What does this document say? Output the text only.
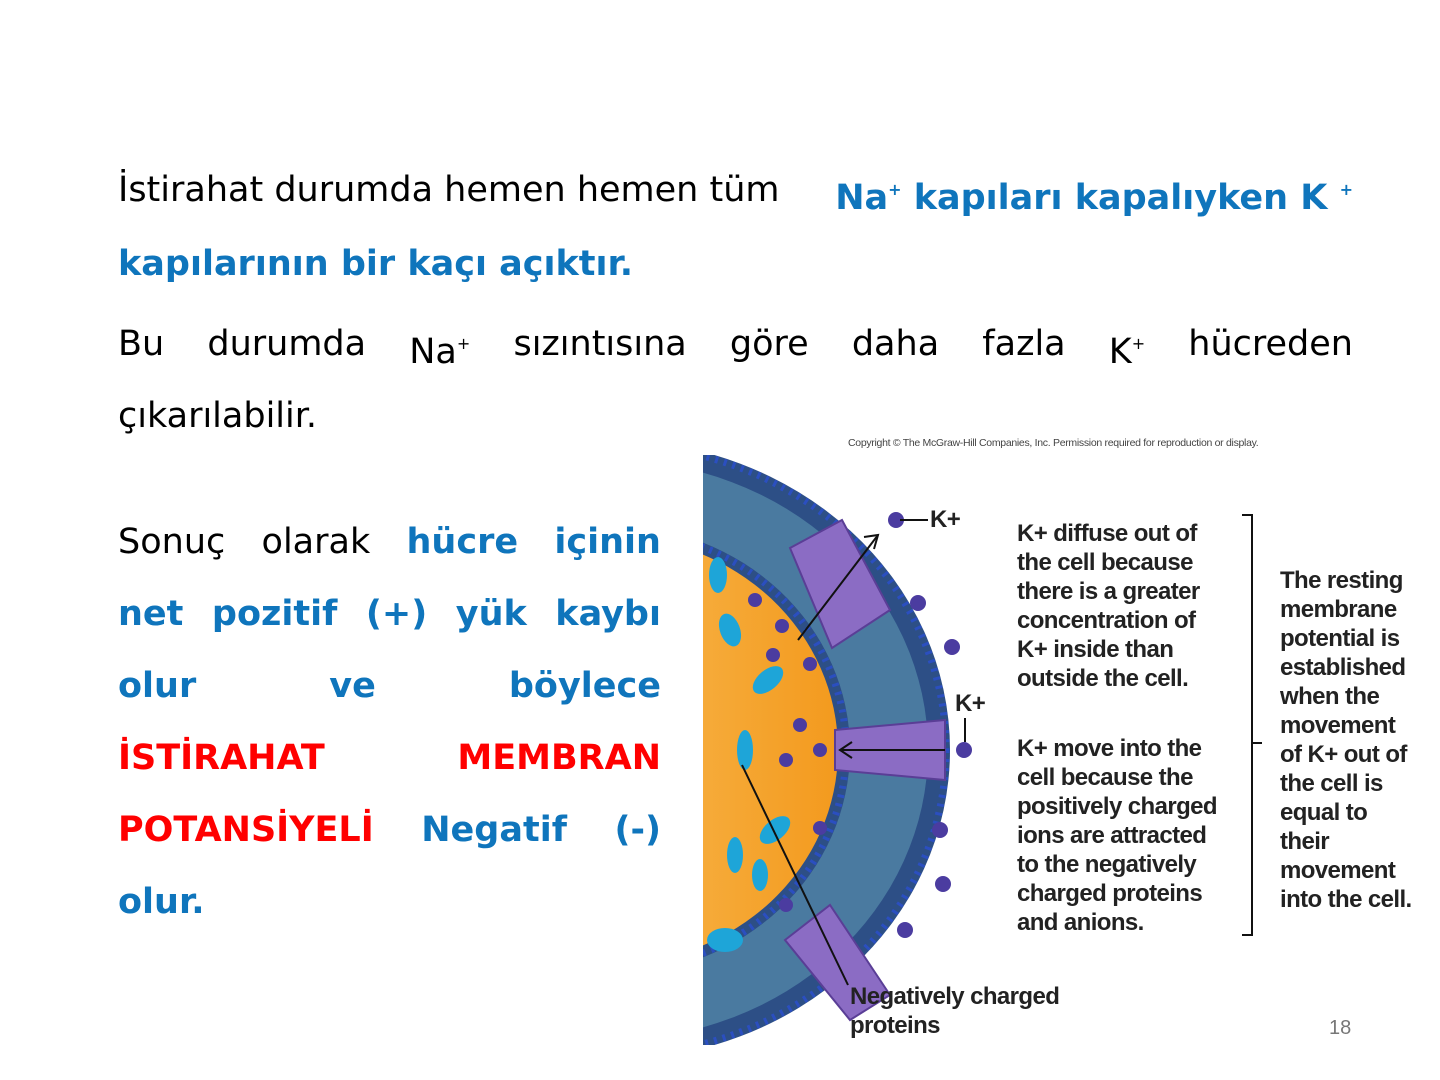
İstirahat durumda hemen hemen tüm Na+ kapıları kapalıyken K +
kapılarının bir kaçı açıktır.
Bu durumda Na+ sızıntısına göre daha fazla K+ hücreden
çıkarılabilir.
Sonuç olarak hücre içinin
net pozitif (+) yük kaybı
olur	ve	böylece
İSTİRAHAT	MEMBRAN
POTANSİYELİ Negatif (-)
olur.
Copyright © The McGraw-Hill Companies, Inc. Permission required for reproduction or display.
K+
K+
K+ diffuse out of
the cell because
there is a greater
concentration of
K+ inside than
outside the cell.
K+ move into the
cell because the
positively charged
ions are attracted
to the negatively
charged proteins
and anions.
The resting
membrane
potential is
established
when the
movement
of K+ out of
the cell is
equal to
their
movement
into the cell.
Negatively charged
proteins	18
